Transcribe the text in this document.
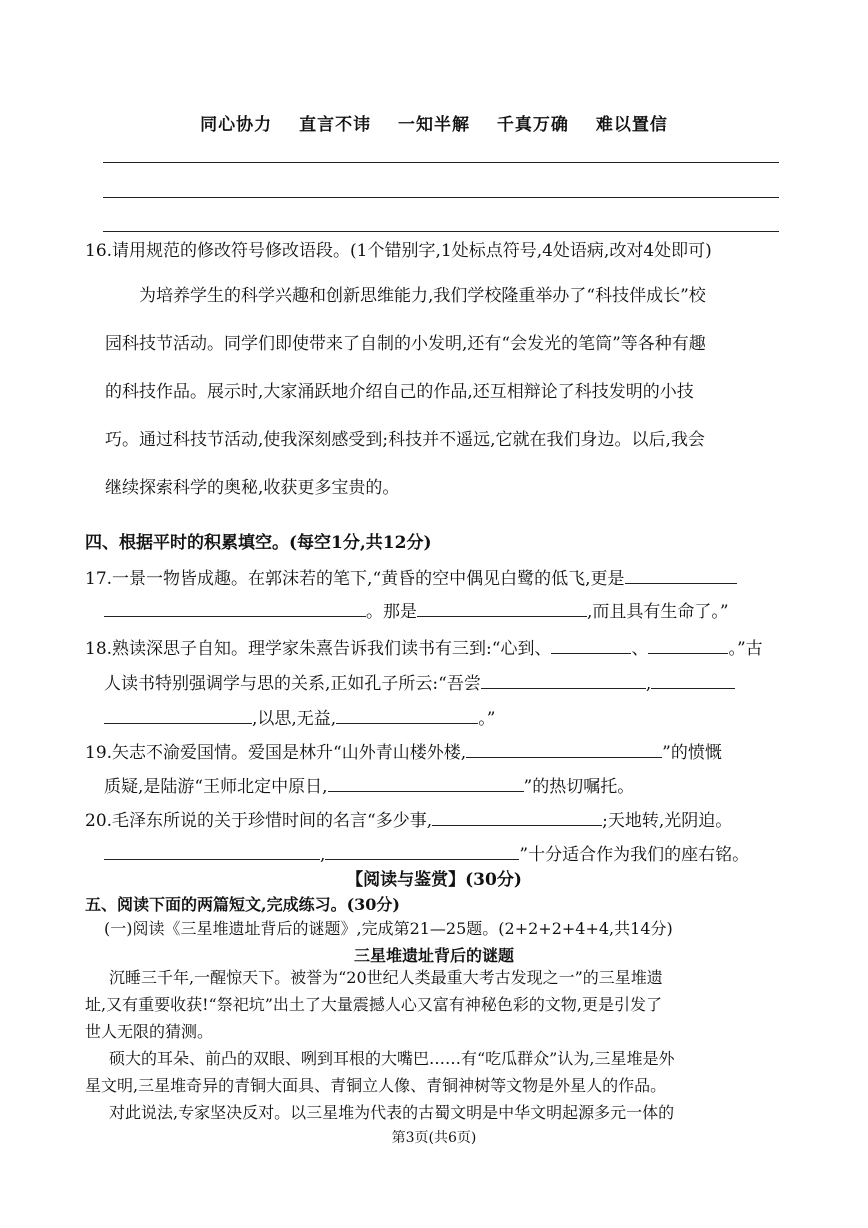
同心协力 直言不讳 一知半解 千真万确 难以置信
16.请用规范的修改符号修改语段。(1个错别字,1处标点符号,4处语病,改对4处即可)

为培养学生的科学兴趣和创新思维能力,我们学校隆重举办了“科技伴成长”校

园科技节活动。同学们即使带来了自制的小发明,还有“会发光的笔筒”等各种有趣

的科技作品。展示时,大家涌跃地介绍自己的作品,还互相辩论了科技发明的小技

巧。通过科技节活动,使我深刻感受到;科技并不遥远,它就在我们身边。以后,我会

继续探索科学的奥秘,收获更多宝贵的。

四、根据平时的积累填空。(每空1分,共12分)
17.一景一物皆成趣。在郭沫若的笔下,“黄昏的空中偶见白鹭的低飞,更是
。那是	,而且具有生命了。”
18.熟读深思子自知。理学家朱熹告诉我们读书有三到:“心到、	、	。”古
人读书特别强调学与思的关系,正如孔子所云:“吾尝	,
,以思,无益,	。”
19.矢志不渝爱国情。爱国是林升“山外青山楼外楼,	”的愤慨
质疑,是陆游“王师北定中原日,	”的热切嘱托。
20.毛泽东所说的关于珍惜时间的名言“多少事,	;天地转,光阴迫。
,	”十分适合作为我们的座右铭。
【阅读与鉴赏】(30分)
五、阅读下面的两篇短文,完成练习。(30分)
(一)阅读《三星堆遗址背后的谜题》,完成第21—25题。(2+2+2+4+4,共14分)
三星堆遗址背后的谜题

沉睡三千年,一醒惊天下。被誉为“20世纪人类最重大考古发现之一”的三星堆遗

址,又有重要收获!“祭祀坑”出土了大量震撼人心又富有神秘色彩的文物,更是引发了

世人无限的猜测。

硕大的耳朵、前凸的双眼、咧到耳根的大嘴巴……有“吃瓜群众”认为,三星堆是外

星文明,三星堆奇异的青铜大面具、青铜立人像、青铜神树等文物是外星人的作品。

对此说法,专家坚决反对。以三星堆为代表的古蜀文明是中华文明起源多元一体的

第3页(共6页)
